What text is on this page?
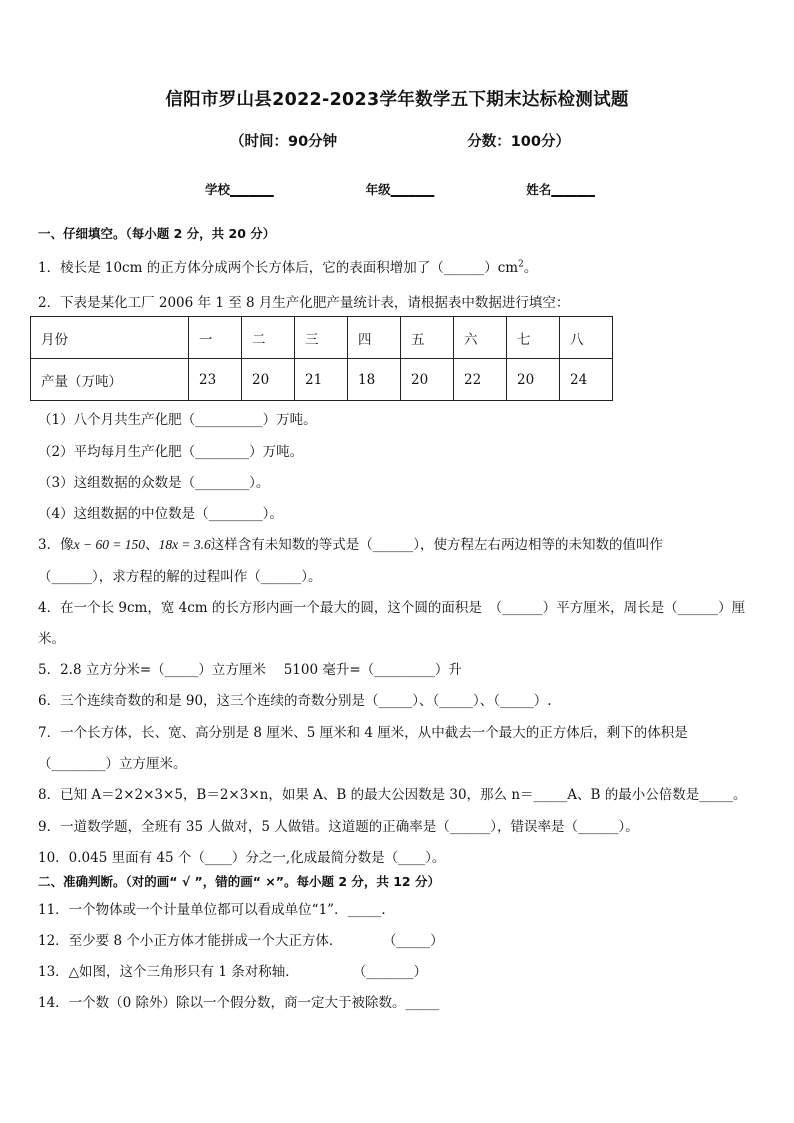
信阳市罗山县2022-2023学年数学五下期末达标检测试题
（时间：90分钟	分数：100分）
学校_______	年级_______	姓名_______
一、仔细填空。（每小题 2 分，共 20 分）
1．棱长是 10cm 的正方体分成两个长方体后，它的表面积增加了$(\_\_\_\_\_\_)cm^2$。
2．下表是某化工厂 2006 年 1 至 8 月生产化肥产量统计表，请根据表中数据进行填空：
月份	一	二	三	四	五	六	七	八
产量（万吨）	23	20	21	18	20	22	20	24
（1）八个月共生产化肥（__________）万吨。
（2）平均每月生产化肥（________）万吨。
（3）这组数据的众数是（________）。
（4）这组数据的中位数是（________）。
3．像x − 60 = 150、18x = 3.6这样含有未知数的等式是（______），使方程左右两边相等的未知数的值叫作
（______），求方程的解的过程叫作（______）。
4．在一个长 9cm，宽 4cm 的长方形内画一个最大的圆，这个圆的面积是　（______）平方厘米，周长是（______）厘
米。
5．2.8 立方分米=（_____）立方厘米　 5100 毫升=（_________）升
6．三个连续奇数的和是 90，这三个连续的奇数分别是（_____）、（_____）、（_____）.
7．一个长方体，长、宽、高分别是 8 厘米、5 厘米和 4 厘米，从中截去一个最大的正方体后，剩下的体积是
（________）立方厘米。
8．已知 A＝2×2×3×5，B＝2×3×n，如果 A、B 的最大公因数是 30，那么 n＝_____A、B 的最小公倍数是_____。
9．一道数学题，全班有 35 人做对，5 人做错。这道题的正确率是（______），错误率是（______）。
10．0.045 里面有 45 个（____）分之一,化成最简分数是（____）。
二、准确判断。（对的画“ √ ”，错的画“ ×”。每小题 2 分，共 12 分）
11．一个物体或一个计量单位都可以看成单位“1”．_____．
12．至少要 8 个小正方体才能拼成一个大正方体．　　　　（_____）
13．△如图，这个三角形只有 1 条对称轴．　　　　　（_______）
14．一个数（0 除外）除以一个假分数，商一定大于被除数。_____
